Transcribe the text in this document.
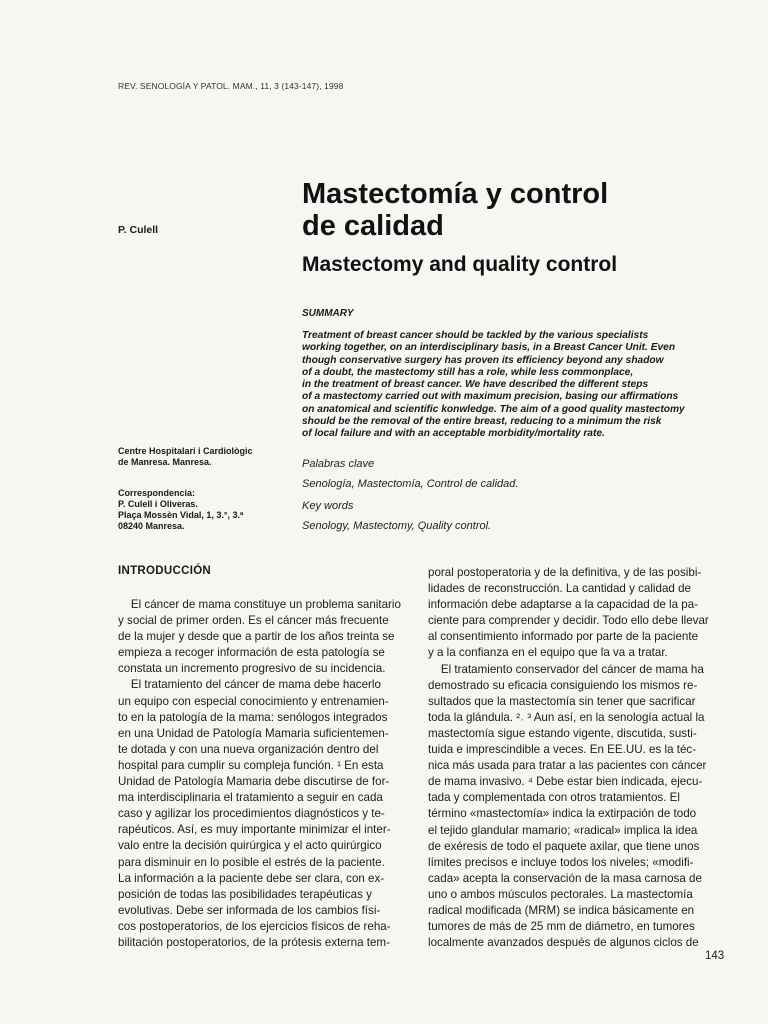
REV. SENOLOGÍA Y PATOL. MAM., 11, 3 (143-147), 1998
P. Culell
Mastectomía y control
de calidad
Mastectomy and quality control
SUMMARY
Treatment of breast cancer should be tackled by the various specialists
working together, on an interdisciplinary basis, in a Breast Cancer Unit. Even
though conservative surgery has proven its efficiency beyond any shadow
of a doubt, the mastectomy still has a role, while less commonplace,
in the treatment of breast cancer. We have described the different steps
of a mastectomy carried out with maximum precision, basing our affirmations
on anatomical and scientific konwledge. The aim of a good quality mastectomy
should be the removal of the entire breast, reducing to a minimum the risk
of local failure and with an acceptable morbidity/mortality rate.
Centre Hospitalari i Cardiològic
de Manresa. Manresa.
Correspondencia:
P. Culell i Oliveras.
Plaça Mossèn Vidal, 1, 3.°, 3.ª
08240 Manresa.
Palabras clave
Senología, Mastectomía, Control de calidad.
Key words
Senology, Mastectomy, Quality control.
INTRODUCCIÓN
El cáncer de mama constituye un problema sanitario
y social de primer orden. Es el cáncer más frecuente
de la mujer y desde que a partir de los años treinta se
empieza a recoger información de esta patología se
constata un incremento progresivo de su incidencia.
El tratamiento del cáncer de mama debe hacerlo
un equipo con especial conocimiento y entrenamien-
to en la patología de la mama: senólogos integrados
en una Unidad de Patología Mamaria suficientemen-
te dotada y con una nueva organización dentro del
hospital para cumplir su compleja función. ¹ En esta
Unidad de Patología Mamaria debe discutirse de for-
ma interdisciplinaria el tratamiento a seguir en cada
caso y agilizar los procedimientos diagnósticos y te-
rapéuticos. Así, es muy importante minimizar el inter-
valo entre la decisión quirúrgica y el acto quirúrgico
para disminuir en lo posible el estrés de la paciente.
La información a la paciente debe ser clara, con ex-
posición de todas las posibilidades terapéuticas y
evolutivas. Debe ser informada de los cambios físi-
cos postoperatorios, de los ejercicios físicos de reha-
bilitación postoperatorios, de la prótesis externa tem-
poral postoperatoria y de la definitiva, y de las posibi-
lidades de reconstrucción. La cantidad y calidad de
información debe adaptarse a la capacidad de la pa-
ciente para comprender y decidir. Todo ello debe llevar
al consentimiento informado por parte de la paciente
y a la confianza en el equipo que la va a tratar.
El tratamiento conservador del cáncer de mama ha
demostrado su eficacia consiguiendo los mismos re-
sultados que la mastectomía sin tener que sacrificar
toda la glándula. ²˒ ³ Aun así, en la senología actual la
mastectomía sigue estando vigente, discutida, susti-
tuida e imprescindible a veces. En EE.UU. es la téc-
nica más usada para tratar a las pacientes con cáncer
de mama invasivo. ⁴ Debe estar bien indicada, ejecu-
tada y complementada con otros tratamientos. El
término «mastectomía» indica la extirpación de todo
el tejido glandular mamario; «radical» implica la idea
de exéresis de todo el paquete axilar, que tiene unos
límites precisos e incluye todos los niveles; «modifi-
cada» acepta la conservación de la masa carnosa de
uno o ambos músculos pectorales. La mastectomía
radical modificada (MRM) se indica básicamente en
tumores de más de 25 mm de diámetro, en tumores
localmente avanzados después de algunos ciclos de
143
